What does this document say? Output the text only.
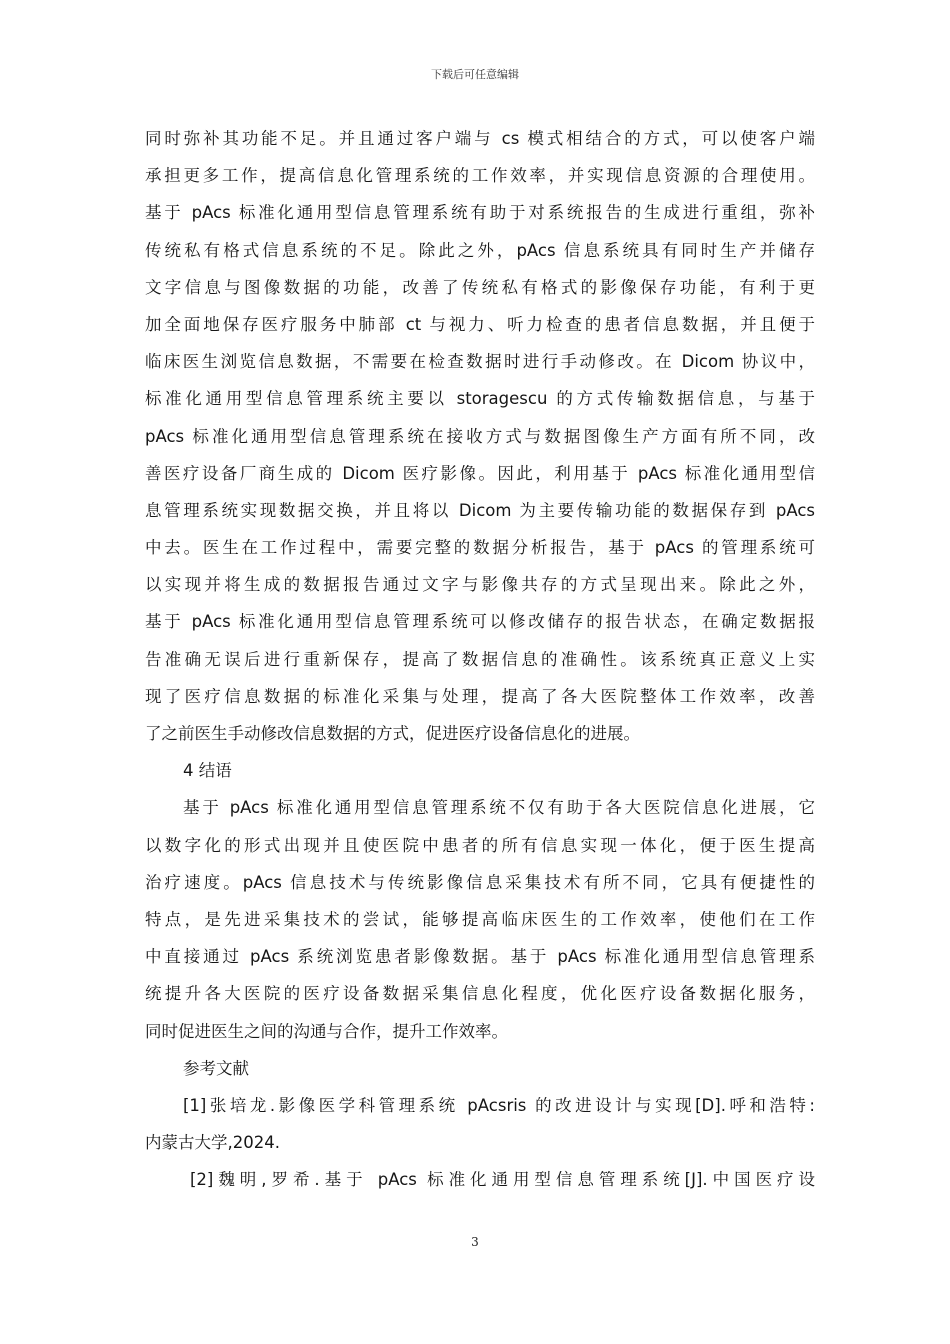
下载后可任意编辑
同时弥补其功能不足。并且通过客户端与 cs 模式相结合的方式，可以使客户端
承担更多工作，提高信息化管理系统的工作效率，并实现信息资源的合理使用。
基于 pAcs 标准化通用型信息管理系统有助于对系统报告的生成进行重组，弥补
传统私有格式信息系统的不足。除此之外，pAcs 信息系统具有同时生产并储存
文字信息与图像数据的功能，改善了传统私有格式的影像保存功能，有利于更
加全面地保存医疗服务中肺部 ct 与视力、听力检查的患者信息数据，并且便于
临床医生浏览信息数据，不需要在检查数据时进行手动修改。在 Dicom 协议中，
标准化通用型信息管理系统主要以 storagescu 的方式传输数据信息，与基于
pAcs 标准化通用型信息管理系统在接收方式与数据图像生产方面有所不同，改
善医疗设备厂商生成的 Dicom 医疗影像。因此，利用基于 pAcs 标准化通用型信
息管理系统实现数据交换，并且将以 Dicom 为主要传输功能的数据保存到 pAcs
中去。医生在工作过程中，需要完整的数据分析报告，基于 pAcs 的管理系统可
以实现并将生成的数据报告通过文字与影像共存的方式呈现出来。除此之外，
基于 pAcs 标准化通用型信息管理系统可以修改储存的报告状态，在确定数据报
告准确无误后进行重新保存，提高了数据信息的准确性。该系统真正意义上实
现了医疗信息数据的标准化采集与处理，提高了各大医院整体工作效率，改善
了之前医生手动修改信息数据的方式，促进医疗设备信息化的进展。
4 结语
基于 pAcs 标准化通用型信息管理系统不仅有助于各大医院信息化进展，它
以数字化的形式出现并且使医院中患者的所有信息实现一体化，便于医生提高
治疗速度。pAcs 信息技术与传统影像信息采集技术有所不同，它具有便捷性的
特点，是先进采集技术的尝试，能够提高临床医生的工作效率，使他们在工作
中直接通过 pAcs 系统浏览患者影像数据。基于 pAcs 标准化通用型信息管理系
统提升各大医院的医疗设备数据采集信息化程度，优化医疗设备数据化服务，
同时促进医生之间的沟通与合作，提升工作效率。
参考文献
[1]张培龙.影像医学科管理系统 pAcsris 的改进设计与实现[D].呼和浩特:
内蒙古大学,2024.
[2]魏明,罗希.基于 pAcs 标准化通用型信息管理系统[J].中国医疗设
3
